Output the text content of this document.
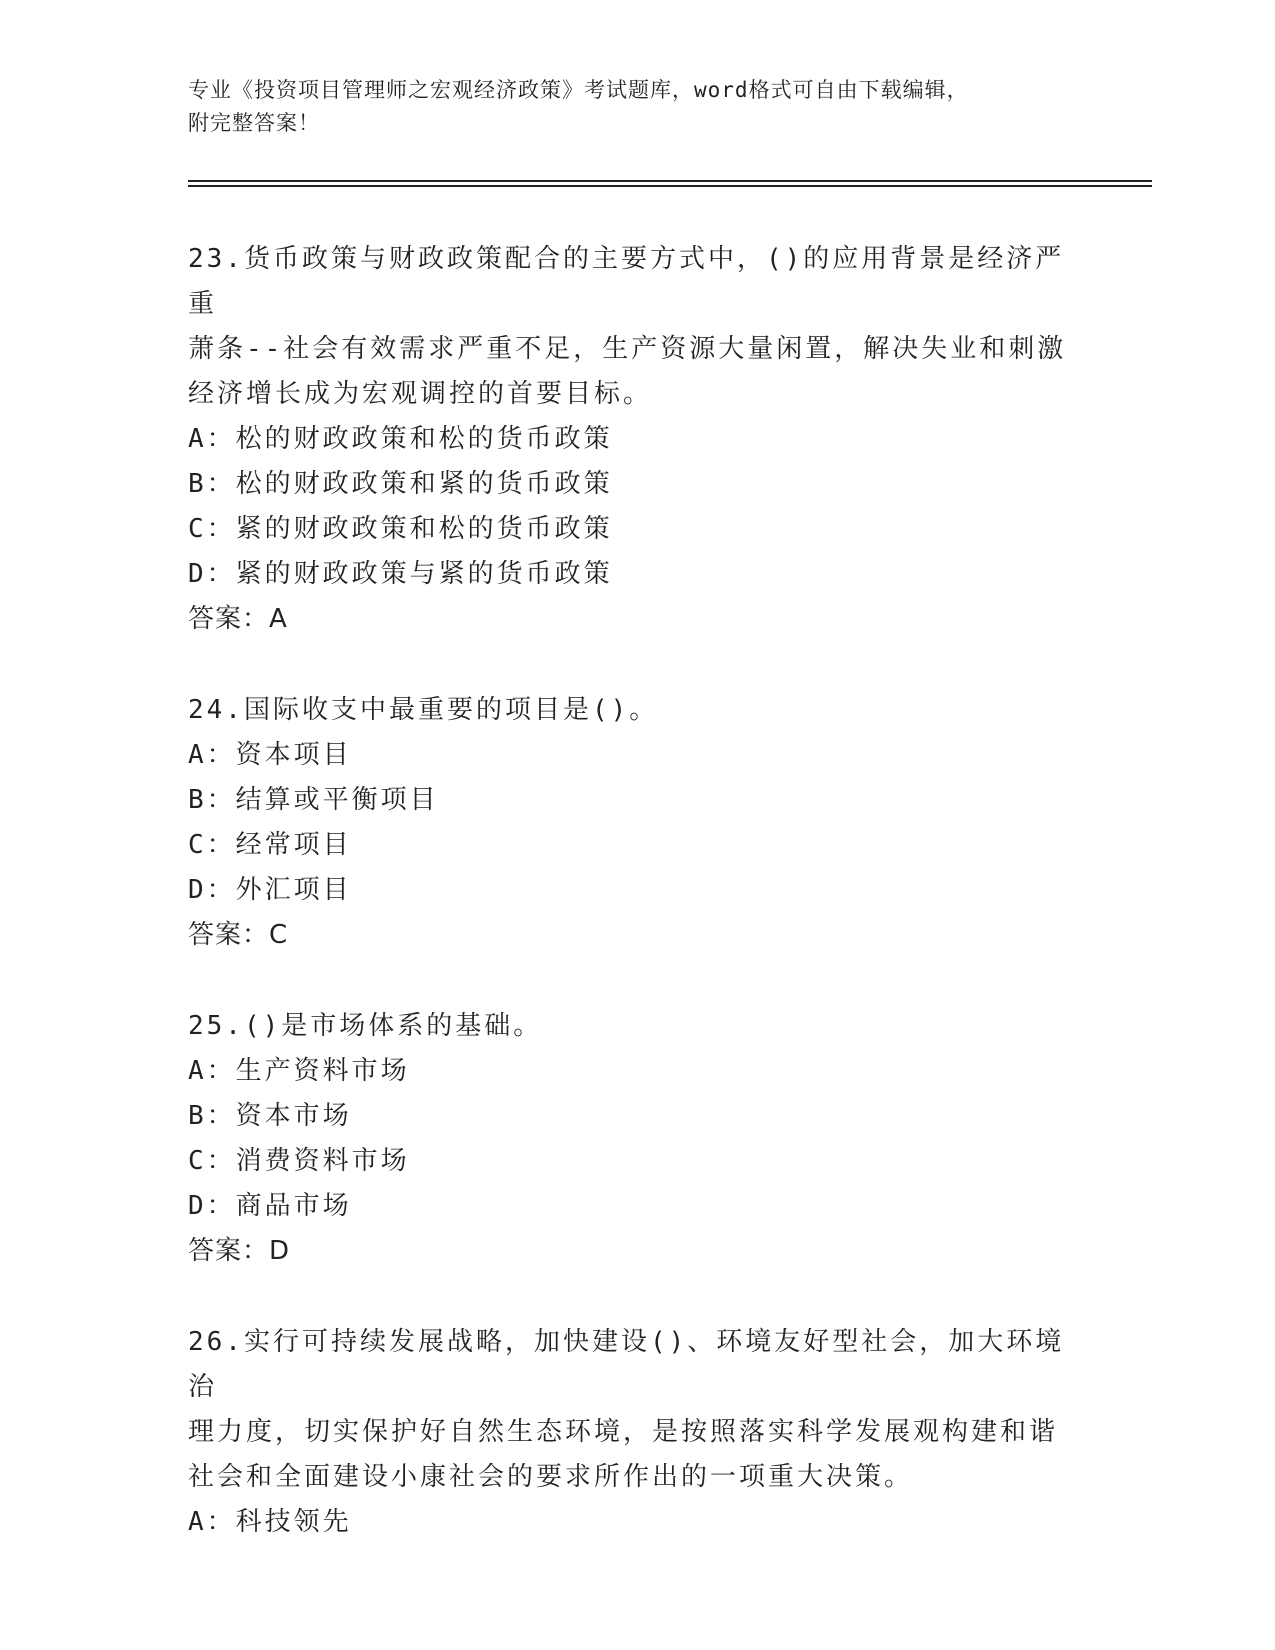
专业《投资项目管理师之宏观经济政策》考试题库，word格式可自由下载编辑，
附完整答案！
23.货币政策与财政政策配合的主要方式中，()的应用背景是经济严重
萧条--社会有效需求严重不足，生产资源大量闲置，解决失业和刺激
经济增长成为宏观调控的首要目标。
A：松的财政政策和松的货币政策
B：松的财政政策和紧的货币政策
C：紧的财政政策和松的货币政策
D：紧的财政政策与紧的货币政策
答案：A
24.国际收支中最重要的项目是()。
A：资本项目
B：结算或平衡项目
C：经常项目
D：外汇项目
答案：C
25.()是市场体系的基础。
A：生产资料市场
B：资本市场
C：消费资料市场
D：商品市场
答案：D
26.实行可持续发展战略，加快建设()、环境友好型社会，加大环境治
理力度，切实保护好自然生态环境，是按照落实科学发展观构建和谐
社会和全面建设小康社会的要求所作出的一项重大决策。
A：科技领先
